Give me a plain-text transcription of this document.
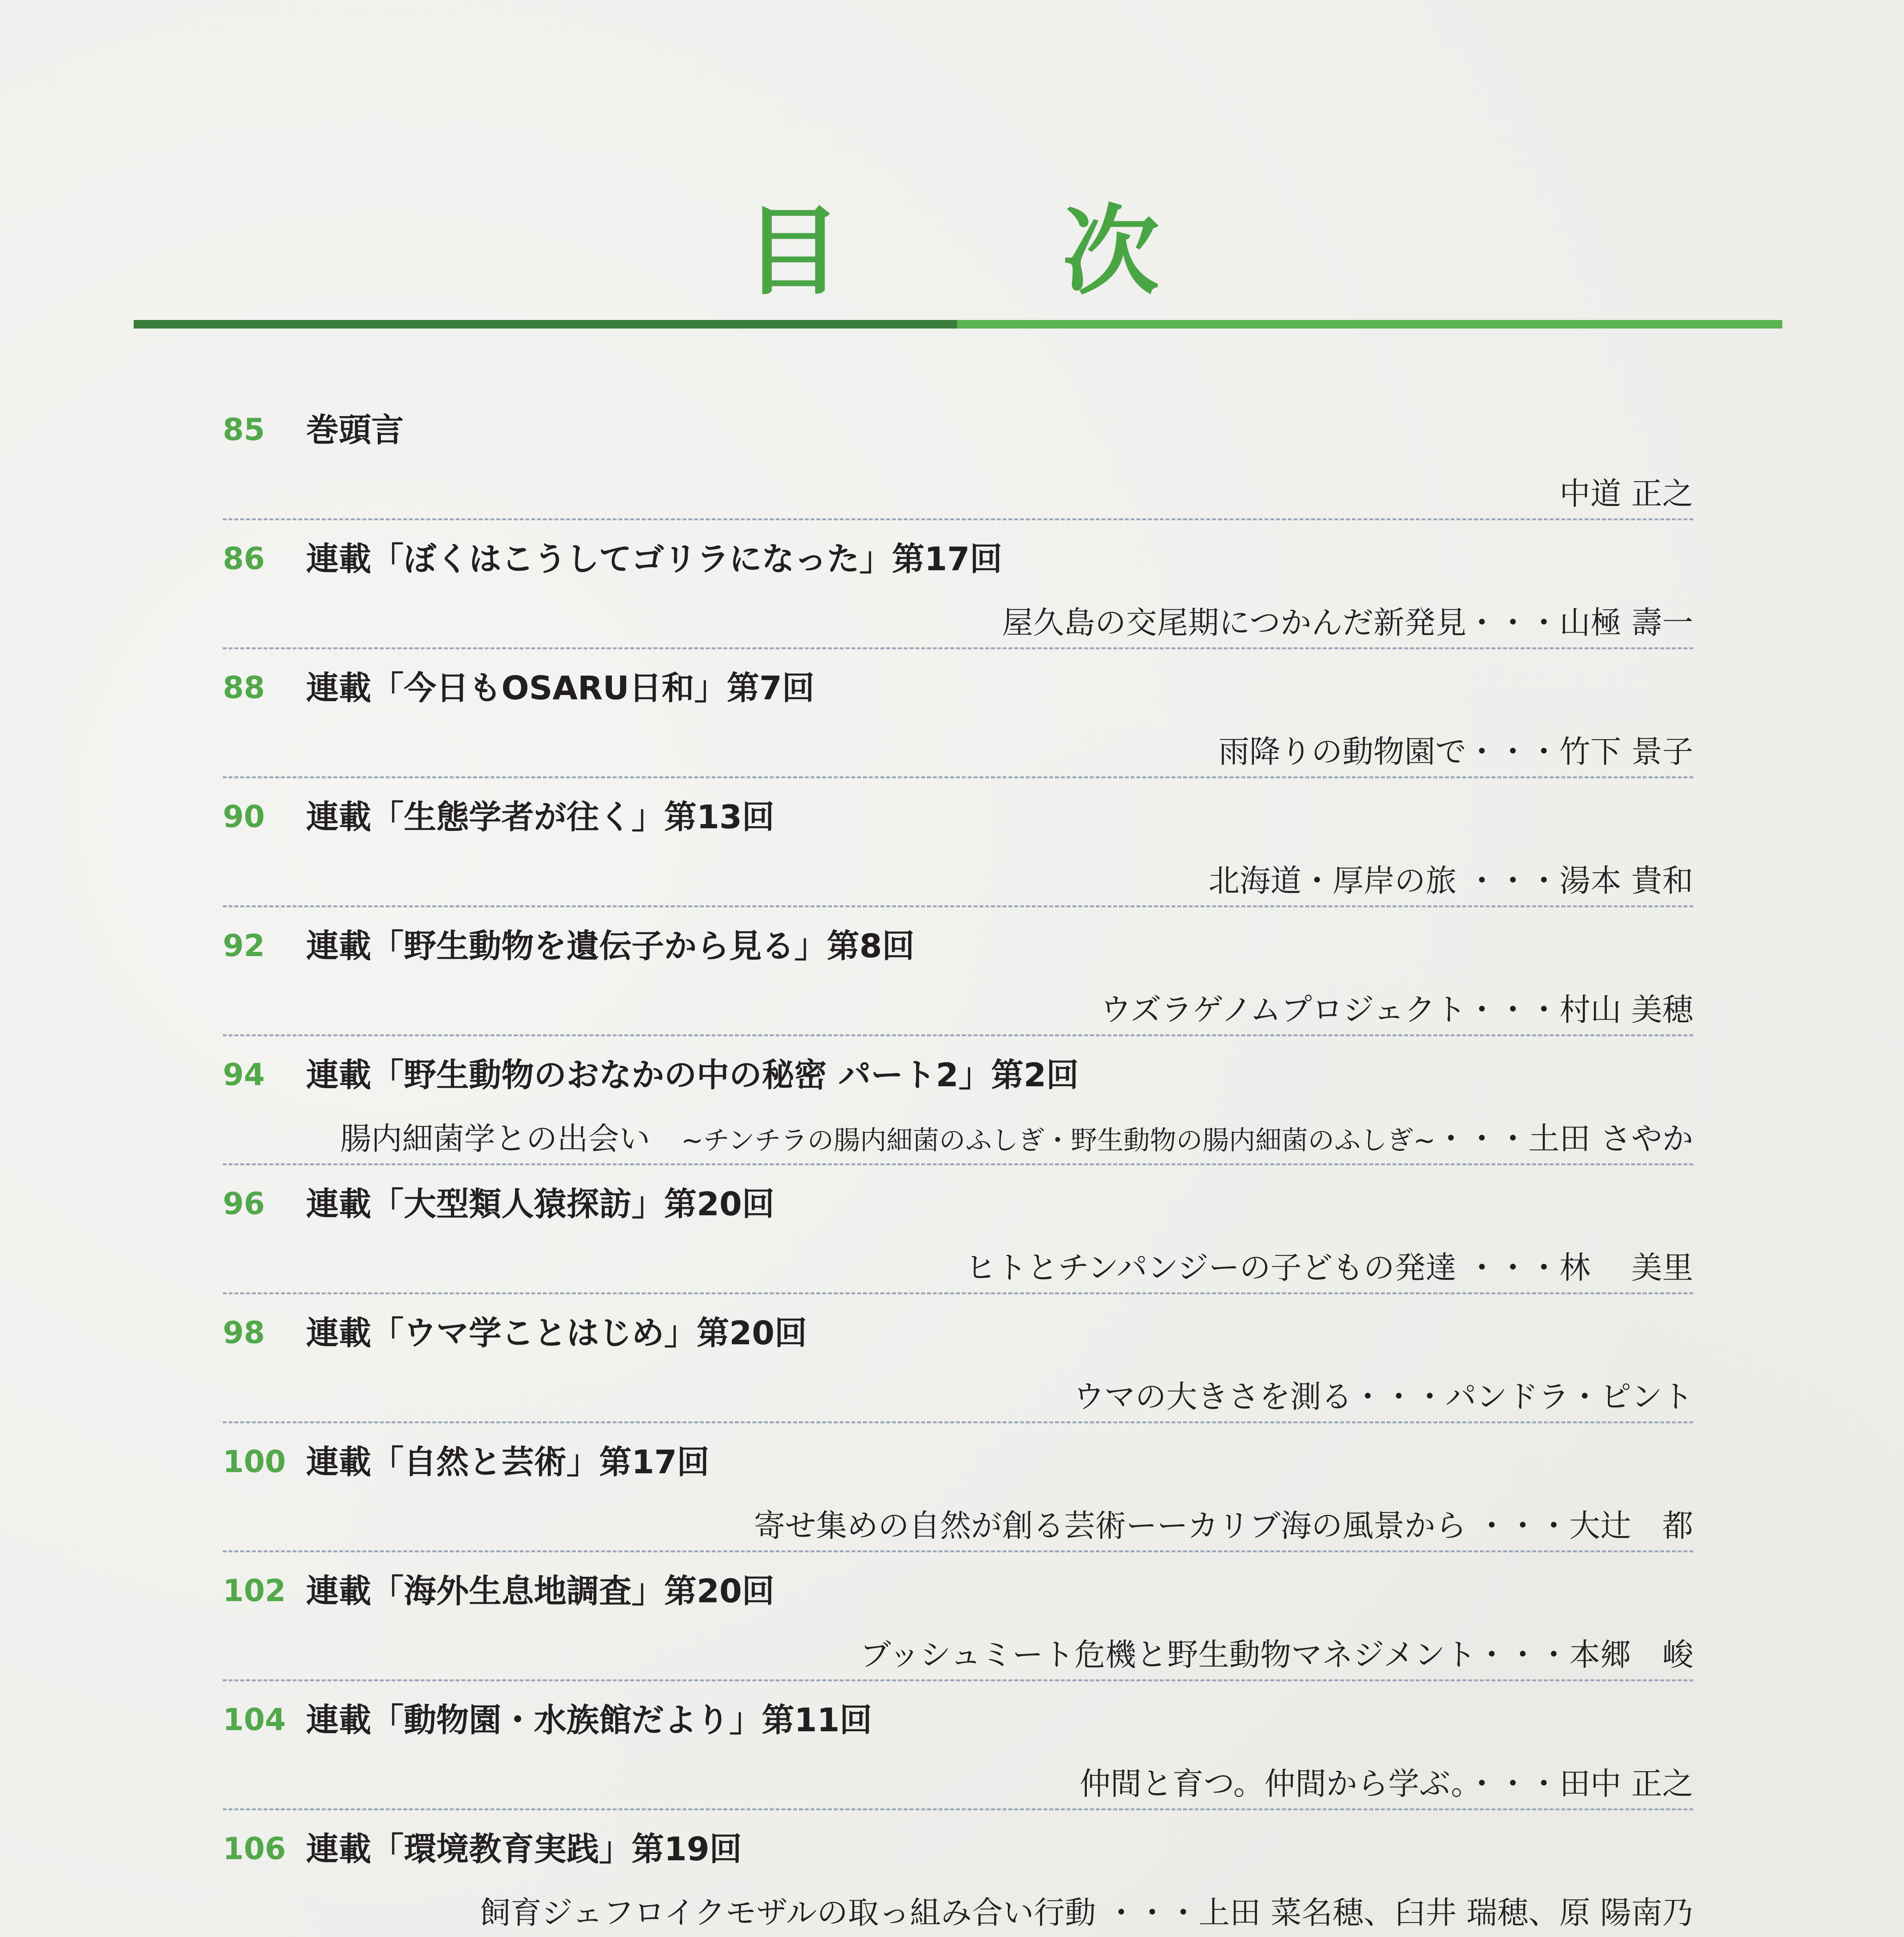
目　次
85	巻頭言
中道 正之
86	連載「ぼくはこうしてゴリラになった」第17回
屋久島の交尾期につかんだ新発見・・・山極 壽一
88	連載「今日もOSARU日和」第7回
雨降りの動物園で・・・竹下 景子
90	連載「生態学者が往く」第13回
北海道・厚岸の旅 ・・・湯本 貴和
92	連載「野生動物を遺伝子から見る」第8回
ウズラゲノムプロジェクト・・・村山 美穂
94	連載「野生動物のおなかの中の秘密 パート2」第2回
腸内細菌学との出会い　~チンチラの腸内細菌のふしぎ・野生動物の腸内細菌のふしぎ~・・・土田 さやか
96	連載「大型類人猿探訪」第20回
ヒトとチンパンジーの子どもの発達 ・・・林　 美里
98	連載「ウマ学ことはじめ」第20回
ウマの大きさを測る・・・パンドラ・ピント
100 連載「自然と芸術」第17回
寄せ集めの自然が創る芸術ーーカリブ海の風景から ・・・大辻　都
102 連載「海外生息地調査」第20回
ブッシュミート危機と野生動物マネジメント・・・本郷　峻
104 連載「動物園・水族館だより」第11回
仲間と育つ。仲間から学ぶ。・・・田中 正之
106 連載「環境教育実践」第19回
飼育ジェフロイクモザルの取っ組み合い行動 ・・・上田 菜名穂、臼井 瑞穂、原 陽南乃
